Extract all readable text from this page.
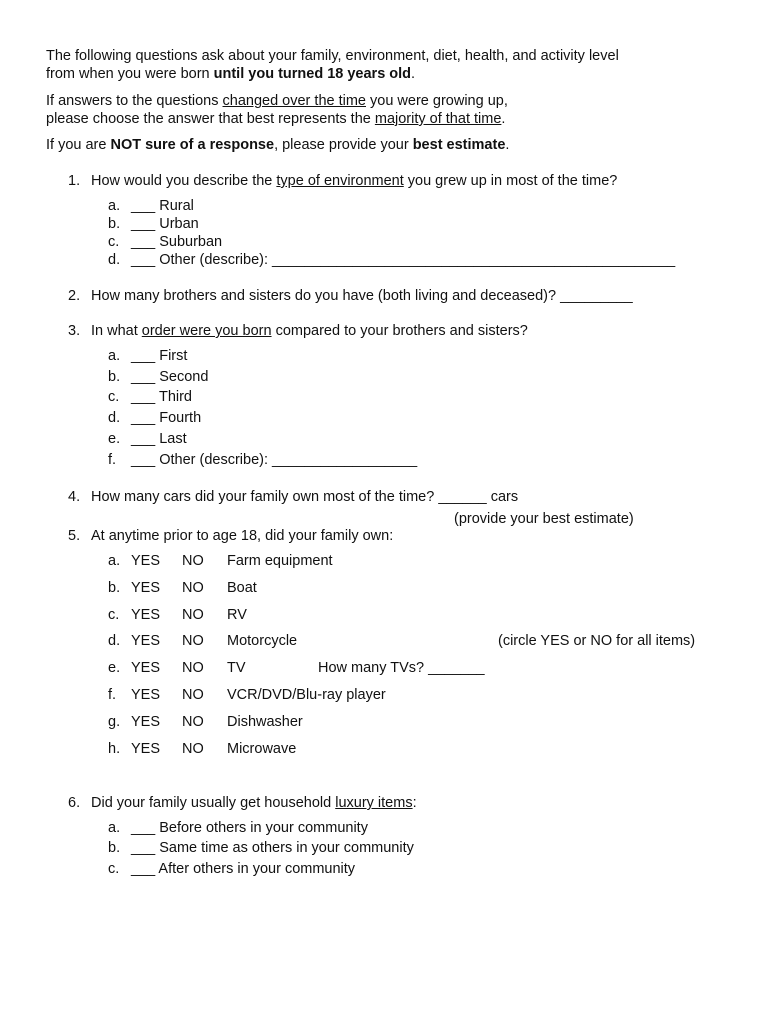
The following questions ask about your family, environment, diet, health, and activity level
from when you were born until you turned 18 years old.
If answers to the questions changed over the time you were growing up,
please choose the answer that best represents the majority of that time.
If you are NOT sure of a response, please provide your best estimate.
1. How would you describe the type of environment you grew up in most of the time?
a. ___ Rural
b. ___ Urban
c. ___ Suburban
d. ___ Other (describe): __________________________________________________
2. How many brothers and sisters do you have (both living and deceased)? _________
3. In what order were you born compared to your brothers and sisters?
a. ___ First
b. ___ Second
c. ___ Third
d. ___ Fourth
e. ___ Last
f. ___ Other (describe): __________________
4. How many cars did your family own most of the time? ______ cars
(provide your best estimate)
5. At anytime prior to age 18, did your family own:
a. YES NO Farm equipment
b. YES NO Boat
c. YES NO RV
d. YES NO Motorcycle	(circle YES or NO for all items)
e. YES NO TV	How many TVs? _______
f. YES NO VCR/DVD/Blu-ray player
g. YES NO Dishwasher
h. YES NO Microwave
6. Did your family usually get household luxury items:
a. ___ Before others in your community
b. ___ Same time as others in your community
c. ___ After others in your community
